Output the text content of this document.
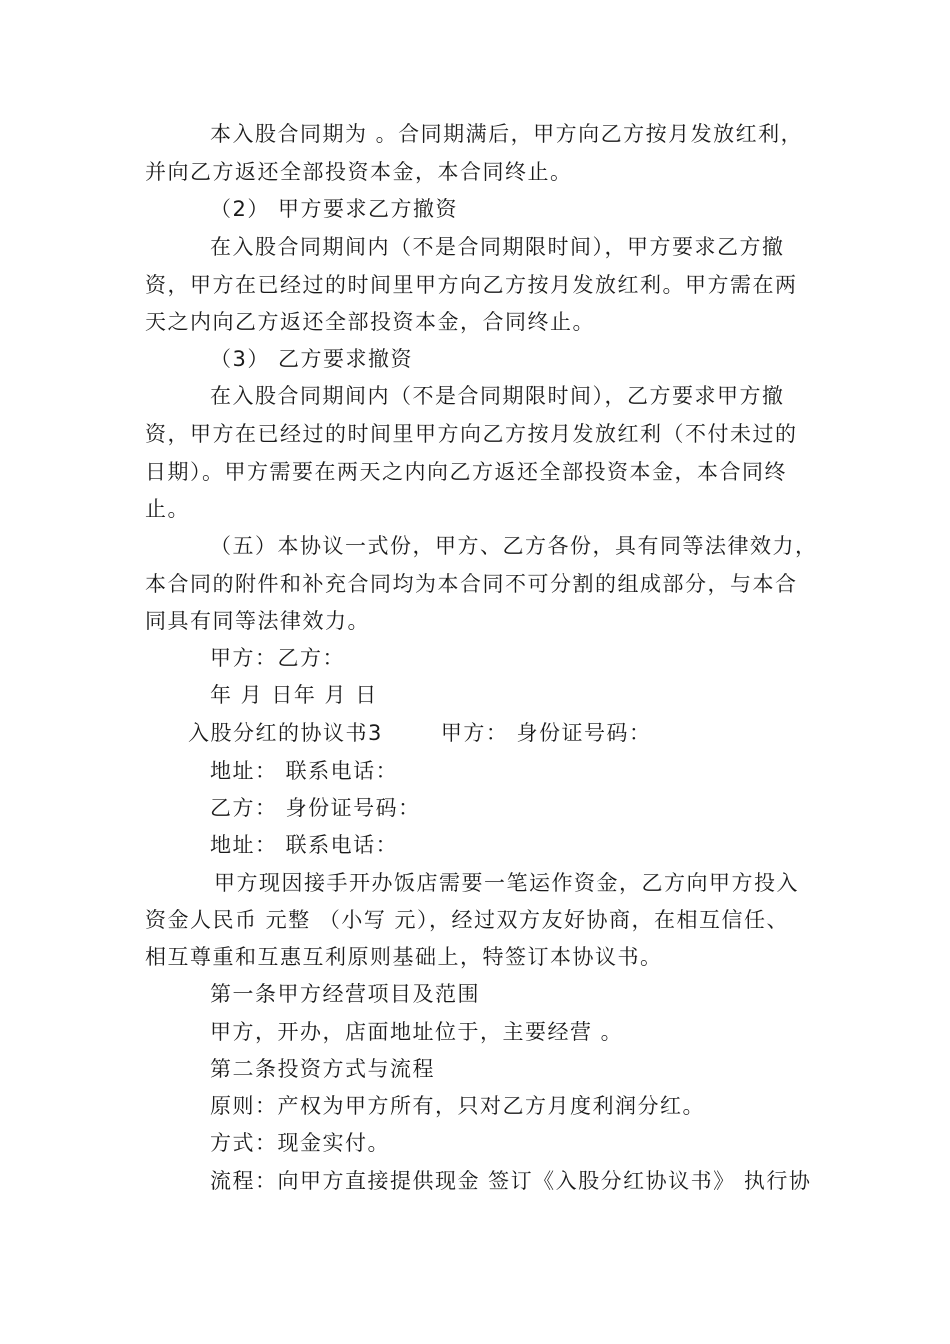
本入股合同期为 。合同期满后，甲方向乙方按月发放红利，
并向乙方返还全部投资本金，本合同终止。
（2） 甲方要求乙方撤资
在入股合同期间内（不是合同期限时间），甲方要求乙方撤
资，甲方在已经过的时间里甲方向乙方按月发放红利。甲方需在两
天之内向乙方返还全部投资本金，合同终止。
（3） 乙方要求撤资
在入股合同期间内（不是合同期限时间），乙方要求甲方撤
资，甲方在已经过的时间里甲方向乙方按月发放红利（不付未过的
日期）。甲方需要在两天之内向乙方返还全部投资本金，本合同终
止。
（五）本协议一式份，甲方、乙方各份，具有同等法律效力，
本合同的附件和补充合同均为本合同不可分割的组成部分，与本合
同具有同等法律效力。
甲方：乙方：
年 月 日年 月 日
入股分红的协议书3	甲方： 身份证号码：
地址： 联系电话：
乙方： 身份证号码：
地址： 联系电话：
甲方现因接手开办饭店需要一笔运作资金，乙方向甲方投入
资金人民币 元整 （小写 元），经过双方友好协商，在相互信任、
相互尊重和互惠互利原则基础上，特签订本协议书。
第一条甲方经营项目及范围
甲方，开办，店面地址位于，主要经营 。
第二条投资方式与流程
原则：产权为甲方所有，只对乙方月度利润分红。
方式：现金实付。
流程：向甲方直接提供现金 签订《入股分红协议书》 执行协
